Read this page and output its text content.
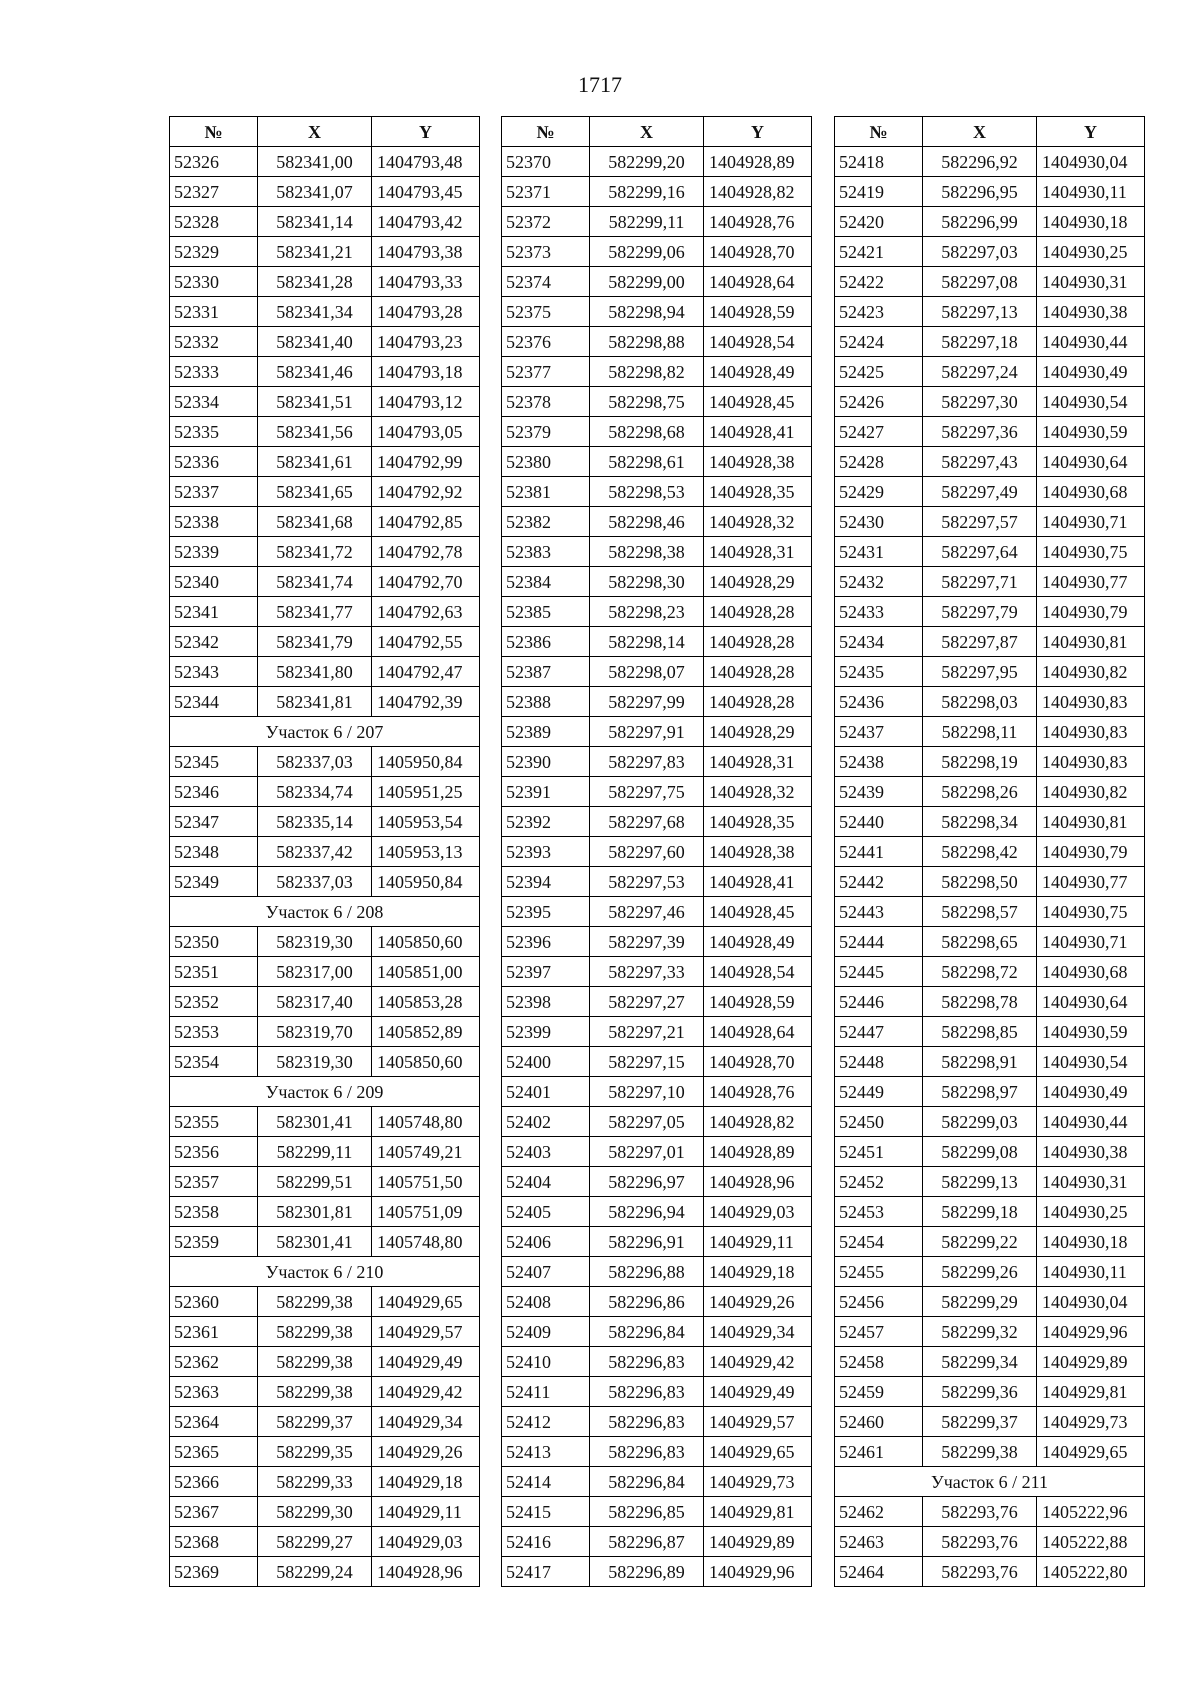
1717
№	X	Y
52326	582341,00	1404793,48
52327	582341,07	1404793,45
52328	582341,14	1404793,42
52329	582341,21	1404793,38
52330	582341,28	1404793,33
52331	582341,34	1404793,28
52332	582341,40	1404793,23
52333	582341,46	1404793,18
52334	582341,51	1404793,12
52335	582341,56	1404793,05
52336	582341,61	1404792,99
52337	582341,65	1404792,92
52338	582341,68	1404792,85
52339	582341,72	1404792,78
52340	582341,74	1404792,70
52341	582341,77	1404792,63
52342	582341,79	1404792,55
52343	582341,80	1404792,47
52344	582341,81	1404792,39
Участок 6 / 207		
52345	582337,03	1405950,84
52346	582334,74	1405951,25
52347	582335,14	1405953,54
52348	582337,42	1405953,13
52349	582337,03	1405950,84
Участок 6 / 208		
52350	582319,30	1405850,60
52351	582317,00	1405851,00
52352	582317,40	1405853,28
52353	582319,70	1405852,89
52354	582319,30	1405850,60
Участок 6 / 209		
52355	582301,41	1405748,80
52356	582299,11	1405749,21
52357	582299,51	1405751,50
52358	582301,81	1405751,09
52359	582301,41	1405748,80
Участок 6 / 210		
52360	582299,38	1404929,65
52361	582299,38	1404929,57
52362	582299,38	1404929,49
52363	582299,38	1404929,42
52364	582299,37	1404929,34
52365	582299,35	1404929,26
52366	582299,33	1404929,18
52367	582299,30	1404929,11
52368	582299,27	1404929,03
52369	582299,24	1404928,96
№	X	Y
52370	582299,20	1404928,89
52371	582299,16	1404928,82
52372	582299,11	1404928,76
52373	582299,06	1404928,70
52374	582299,00	1404928,64
52375	582298,94	1404928,59
52376	582298,88	1404928,54
52377	582298,82	1404928,49
52378	582298,75	1404928,45
52379	582298,68	1404928,41
52380	582298,61	1404928,38
52381	582298,53	1404928,35
52382	582298,46	1404928,32
52383	582298,38	1404928,31
52384	582298,30	1404928,29
52385	582298,23	1404928,28
52386	582298,14	1404928,28
52387	582298,07	1404928,28
52388	582297,99	1404928,28
52389	582297,91	1404928,29
52390	582297,83	1404928,31
52391	582297,75	1404928,32
52392	582297,68	1404928,35
52393	582297,60	1404928,38
52394	582297,53	1404928,41
52395	582297,46	1404928,45
52396	582297,39	1404928,49
52397	582297,33	1404928,54
52398	582297,27	1404928,59
52399	582297,21	1404928,64
52400	582297,15	1404928,70
52401	582297,10	1404928,76
52402	582297,05	1404928,82
52403	582297,01	1404928,89
52404	582296,97	1404928,96
52405	582296,94	1404929,03
52406	582296,91	1404929,11
52407	582296,88	1404929,18
52408	582296,86	1404929,26
52409	582296,84	1404929,34
52410	582296,83	1404929,42
52411	582296,83	1404929,49
52412	582296,83	1404929,57
52413	582296,83	1404929,65
52414	582296,84	1404929,73
52415	582296,85	1404929,81
52416	582296,87	1404929,89
52417	582296,89	1404929,96
№	X	Y
52418	582296,92	1404930,04
52419	582296,95	1404930,11
52420	582296,99	1404930,18
52421	582297,03	1404930,25
52422	582297,08	1404930,31
52423	582297,13	1404930,38
52424	582297,18	1404930,44
52425	582297,24	1404930,49
52426	582297,30	1404930,54
52427	582297,36	1404930,59
52428	582297,43	1404930,64
52429	582297,49	1404930,68
52430	582297,57	1404930,71
52431	582297,64	1404930,75
52432	582297,71	1404930,77
52433	582297,79	1404930,79
52434	582297,87	1404930,81
52435	582297,95	1404930,82
52436	582298,03	1404930,83
52437	582298,11	1404930,83
52438	582298,19	1404930,83
52439	582298,26	1404930,82
52440	582298,34	1404930,81
52441	582298,42	1404930,79
52442	582298,50	1404930,77
52443	582298,57	1404930,75
52444	582298,65	1404930,71
52445	582298,72	1404930,68
52446	582298,78	1404930,64
52447	582298,85	1404930,59
52448	582298,91	1404930,54
52449	582298,97	1404930,49
52450	582299,03	1404930,44
52451	582299,08	1404930,38
52452	582299,13	1404930,31
52453	582299,18	1404930,25
52454	582299,22	1404930,18
52455	582299,26	1404930,11
52456	582299,29	1404930,04
52457	582299,32	1404929,96
52458	582299,34	1404929,89
52459	582299,36	1404929,81
52460	582299,37	1404929,73
52461	582299,38	1404929,65
Участок 6 / 211		
52462	582293,76	1405222,96
52463	582293,76	1405222,88
52464	582293,76	1405222,80
